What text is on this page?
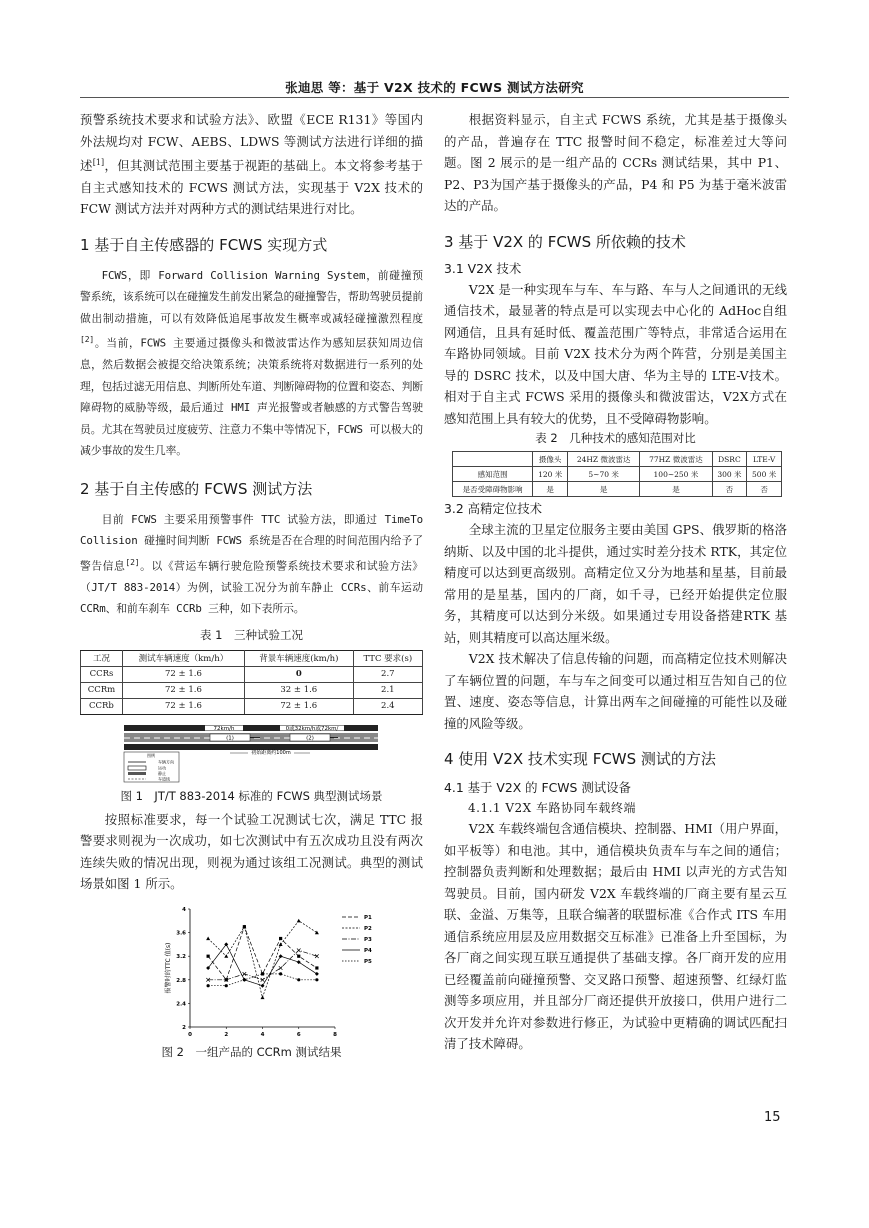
张迪思 等：基于 V2X 技术的 FCWS 测试方法研究

预警系统技术要求和试验方法》、欧盟《ECE R131》等国内外法规均对 FCW、AEBS、LDWS 等测试方法进行详细的描述[1]，但其测试范围主要基于视距的基础上。本文将参考基于自主式感知技术的 FCWS 测试方法，实现基于 V2X 技术的 FCW 测试方法并对两种方式的测试结果进行对比。

1 基于自主传感器的 FCWS 实现方式

FCWS，即 Forward Collision Warning System，前碰撞预警系统，该系统可以在碰撞发生前发出紧急的碰撞警告，帮助驾驶员提前做出制动措施，可以有效降低追尾事故发生概率或减轻碰撞激烈程度[2]。当前，FCWS 主要通过摄像头和微波雷达作为感知层获知周边信息，然后数据会被提交给决策系统；决策系统将对数据进行一系列的处理，包括过滤无用信息、判断所处车道、判断障碍物的位置和姿态、判断障碍物的威胁等级，最后通过 HMI 声光报警或者触感的方式警告驾驶员。尤其在驾驶员过度疲劳、注意力不集中等情况下，FCWS 可以极大的减少事故的发生几率。

2 基于自主传感的 FCWS 测试方法

目前 FCWS 主要采用预警事件 TTC 试验方法，即通过 TimeTo Collision 碰撞时间判断 FCWS 系统是否在合理的时间范围内给予了警告信息[2]。以《营运车辆行驶危险预警系统技术要求和试验方法》（JT/T 883-2014）为例，试验工况分为前车静止 CCRs、前车运动 CCRm、和前车刹车 CCRb 三种，如下表所示。

表 1　三种试验工况
工况	测试车辆速度（km/h）	背景车辆速度(km/h)	TTC 要求(s)
CCRs	72 ± 1.6	0	2.7
CCRm	72 ± 1.6	32 ± 1.6	2.1
CCRb	72 ± 1.6	72 ± 1.6	2.4
72km/h	0或32km/h或72km/
(1)	(2)
初始距离约100m
图例
车辆方向
运动
静止
车道线
图 1　JT/T 883-2014 标准的 FCWS 典型测试场景

按照标准要求，每一个试验工况测试七次，满足 TTC 报警要求则视为一次成功，如七次测试中有五次成功且没有两次连续失败的情况出现，则视为通过该组工况测试。典型的测试场景如图 1 所示。

2
2.4
2.8
3.2
3.6
4
0	2	4	6	8
报警时的TTC 值(s)
P1
P2
P3
P4
P5
图 2　一组产品的 CCRm 测试结果

根据资料显示，自主式 FCWS 系统，尤其是基于摄像头的产品，普遍存在 TTC 报警时间不稳定，标准差过大等问题。图 2 展示的是一组产品的 CCRs 测试结果，其中 P1、P2、P3为国产基于摄像头的产品，P4 和 P5 为基于毫米波雷达的产品。

3 基于 V2X 的 FCWS 所依赖的技术
3.1 V2X 技术

V2X 是一种实现车与车、车与路、车与人之间通讯的无线通信技术，最显著的特点是可以实现去中心化的 AdHoc自组网通信，且具有延时低、覆盖范围广等特点，非常适合运用在车路协同领域。目前 V2X 技术分为两个阵营，分别是美国主导的 DSRC 技术，以及中国大唐、华为主导的 LTE-V技术。相对于自主式 FCWS 采用的摄像头和微波雷达，V2X方式在感知范围上具有较大的优势，且不受障碍物影响。

表 2　几种技术的感知范围对比
	摄像头	24HZ 微波雷达	77HZ 微波雷达	DSRC	LTE-V
感知范围	120 米	5~70 米	100~250 米	300 米	500 米
是否受障碍物影响	是	是	是	否	否
3.2 高精定位技术

全球主流的卫星定位服务主要由美国 GPS、俄罗斯的格洛纳斯、以及中国的北斗提供，通过实时差分技术 RTK，其定位精度可以达到更高级别。高精定位又分为地基和星基，目前最常用的是星基，国内的厂商，如千寻，已经开始提供定位服务，其精度可以达到分米级。如果通过专用设备搭建RTK 基站，则其精度可以高达厘米级。

V2X 技术解决了信息传输的问题，而高精定位技术则解决了车辆位置的问题，车与车之间变可以通过相互告知自己的位置、速度、姿态等信息，计算出两车之间碰撞的可能性以及碰撞的风险等级。

4 使用 V2X 技术实现 FCWS 测试的方法
4.1 基于 V2X 的 FCWS 测试设备
4.1.1 V2X 车路协同车载终端

V2X 车载终端包含通信模块、控制器、HMI（用户界面，如平板等）和电池。其中，通信模块负责车与车之间的通信；控制器负责判断和处理数据；最后由 HMI 以声光的方式告知驾驶员。目前，国内研发 V2X 车载终端的厂商主要有星云互联、金溢、万集等，且联合编著的联盟标准《合作式 ITS 车用通信系统应用层及应用数据交互标准》已准备上升至国标，为各厂商之间实现互联互通提供了基础支撑。各厂商开发的应用已经覆盖前向碰撞预警、交叉路口预警、超速预警、红绿灯监测等多项应用，并且部分厂商还提供开放接口，供用户进行二次开发并允许对参数进行修正，为试验中更精确的调试匹配扫清了技术障碍。

15
